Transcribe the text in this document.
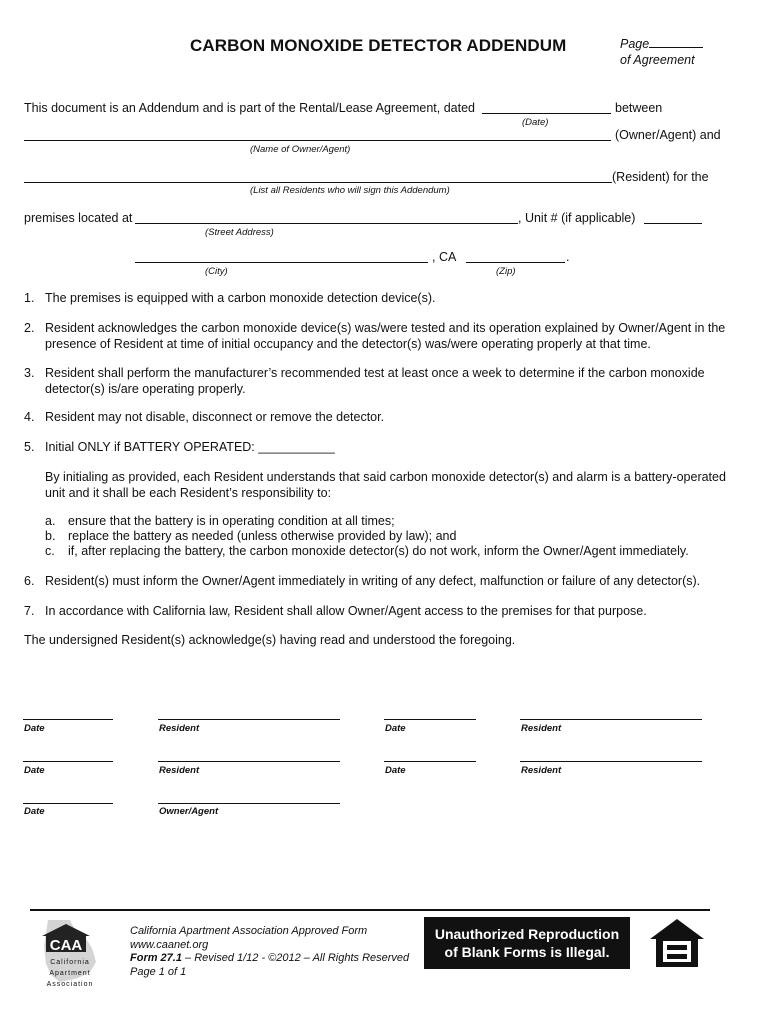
CARBON MONOXIDE DETECTOR ADDENDUM	Page
of Agreement
This document is an Addendum and is part of the Rental/Lease Agreement, dated	between
(Date)
(Owner/Agent) and
(Name of Owner/Agent)
(Resident) for the
(List all Residents who will sign this Addendum)
premises located at	, Unit # (if applicable)
(Street Address)
, CA	.
(City)	(Zip)
1. The premises is equipped with a carbon monoxide detection device(s).
2. Resident acknowledges the carbon monoxide device(s) was/were tested and its operation explained by Owner/Agent in the presence of Resident at time of initial occupancy and the detector(s) was/were operating properly at that time.
3. Resident shall perform the manufacturer’s recommended test at least once a week to determine if the carbon monoxide detector(s) is/are operating properly.
4. Resident may not disable, disconnect or remove the detector.
5. Initial ONLY if BATTERY OPERATED: ___________
By initialing as provided, each Resident understands that said carbon monoxide detector(s) and alarm is a battery-operated unit and it shall be each Resident’s responsibility to:
a. ensure that the battery is in operating condition at all times;
b. replace the battery as needed (unless otherwise provided by law); and
c. if, after replacing the battery, the carbon monoxide detector(s) do not work, inform the Owner/Agent immediately.
6. Resident(s) must inform the Owner/Agent immediately in writing of any defect, malfunction or failure of any detector(s).
7. In accordance with California law, Resident shall allow Owner/Agent access to the premises for that purpose.
The undersigned Resident(s) acknowledge(s) having read and understood the foregoing.
Date	Resident	Date	Resident
Date	Resident	Date	Resident
Date	Owner/Agent
CAA
California
Apartment
Association
California Apartment Association Approved Form
www.caanet.org
Form 27.1 – Revised 1/12 - ©2012 – All Rights Reserved
Page 1 of 1
Unauthorized Reproduction
of Blank Forms is Illegal.
